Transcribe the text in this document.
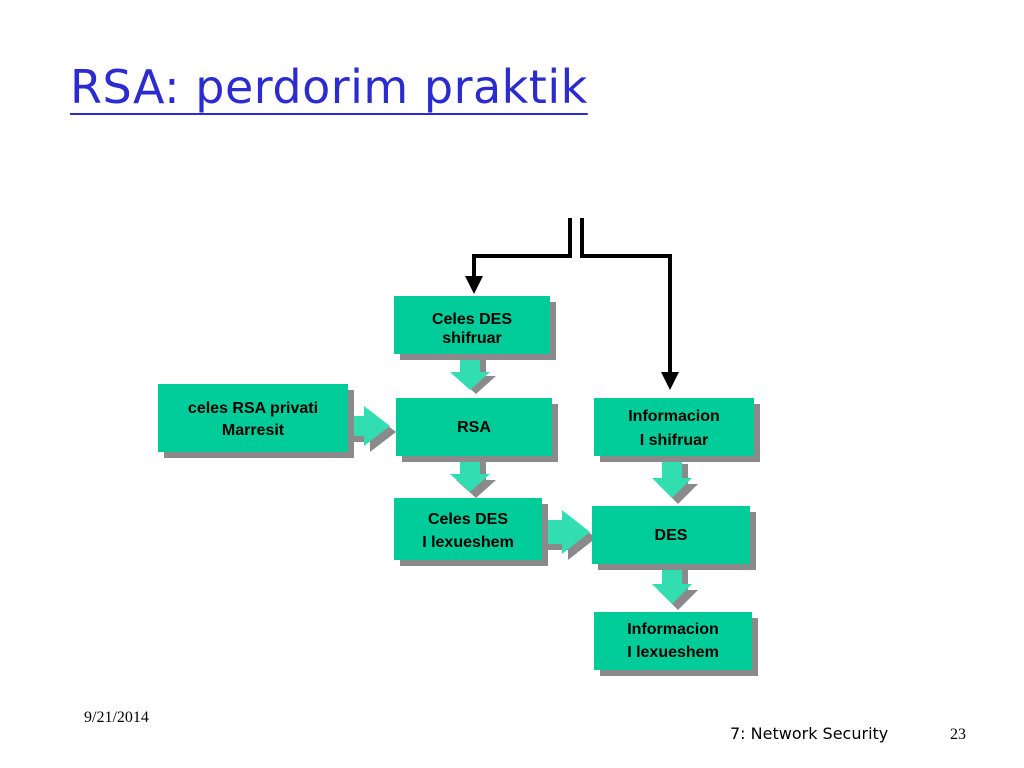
RSA: perdorim praktik
Celes DES
shifruar
celes RSA privati
Marresit	RSA
Informacion
I shifruar
Celes DES
I lexueshem	DES
Informacion
I lexueshem
9/21/2014
7: Network Security	23
